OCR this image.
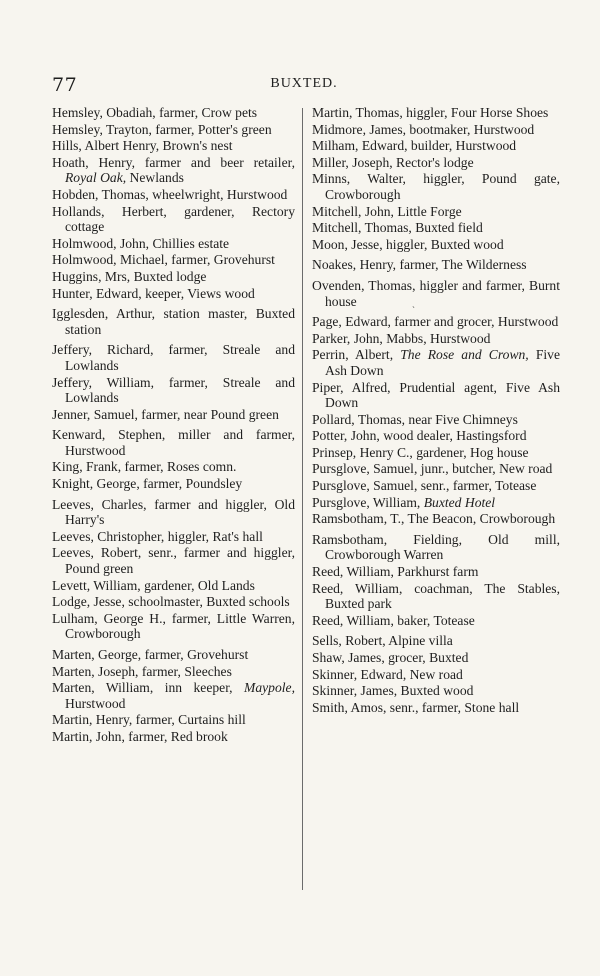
77	BUXTED.

Hemsley, Obadiah, farmer, Crow pets

Hemsley, Trayton, farmer, Potter's green

Hills, Albert Henry, Brown's nest

Hoath, Henry, farmer and beer retailer, Royal Oak, Newlands

Hobden, Thomas, wheelwright, Hurstwood

Hollands, Herbert, gardener, Rectory cottage

Holmwood, John, Chillies estate

Holmwood, Michael, farmer, Grovehurst

Huggins, Mrs, Buxted lodge

Hunter, Edward, keeper, Views wood

Igglesden, Arthur, station master, Buxted station

Jeffery, Richard, farmer, Streale and Lowlands

Jeffery, William, farmer, Streale and Lowlands

Jenner, Samuel, farmer, near Pound green

Kenward, Stephen, miller and farmer, Hurstwood

King, Frank, farmer, Roses comn.

Knight, George, farmer, Poundsley

Leeves, Charles, farmer and higgler, Old Harry's

Leeves, Christopher, higgler, Rat's hall

Leeves, Robert, senr., farmer and higgler, Pound green

Levett, William, gardener, Old Lands

Lodge, Jesse, schoolmaster, Buxted schools

Lulham, George H., farmer, Little Warren, Crowborough

Marten, George, farmer, Grovehurst

Marten, Joseph, farmer, Sleeches

Marten, William, inn keeper, Maypole, Hurstwood

Martin, Henry, farmer, Curtains hill

Martin, John, farmer, Red brook

Martin, Thomas, higgler, Four Horse Shoes

Midmore, James, bootmaker, Hurstwood

Milham, Edward, builder, Hurstwood

Miller, Joseph, Rector's lodge

Minns, Walter, higgler, Pound gate, Crowborough

Mitchell, John, Little Forge

Mitchell, Thomas, Buxted field

Moon, Jesse, higgler, Buxted wood

Noakes, Henry, farmer, The Wilderness

Ovenden, Thomas, higgler and farmer, Burnt house

Page, Edward, farmer and grocer, Hurstwood

Parker, John, Mabbs, Hurstwood

Perrin, Albert, The Rose and Crown, Five Ash Down

Piper, Alfred, Prudential agent, Five Ash Down

Pollard, Thomas, near Five Chimneys

Potter, John, wood dealer, Hastingsford

Prinsep, Henry C., gardener, Hog house

Pursglove, Samuel, junr., butcher, New road

Pursglove, Samuel, senr., farmer, Totease

Pursglove, William, Buxted Hotel

Ramsbotham, T., The Beacon, Crowborough

Ramsbotham, Fielding, Old mill, Crowborough Warren

Reed, William, Parkhurst farm

Reed, William, coachman, The Stables, Buxted park

Reed, William, baker, Totease

Sells, Robert, Alpine villa

Shaw, James, grocer, Buxted

Skinner, Edward, New road

Skinner, James, Buxted wood

Smith, Amos, senr., farmer, Stone hall

ˏ
